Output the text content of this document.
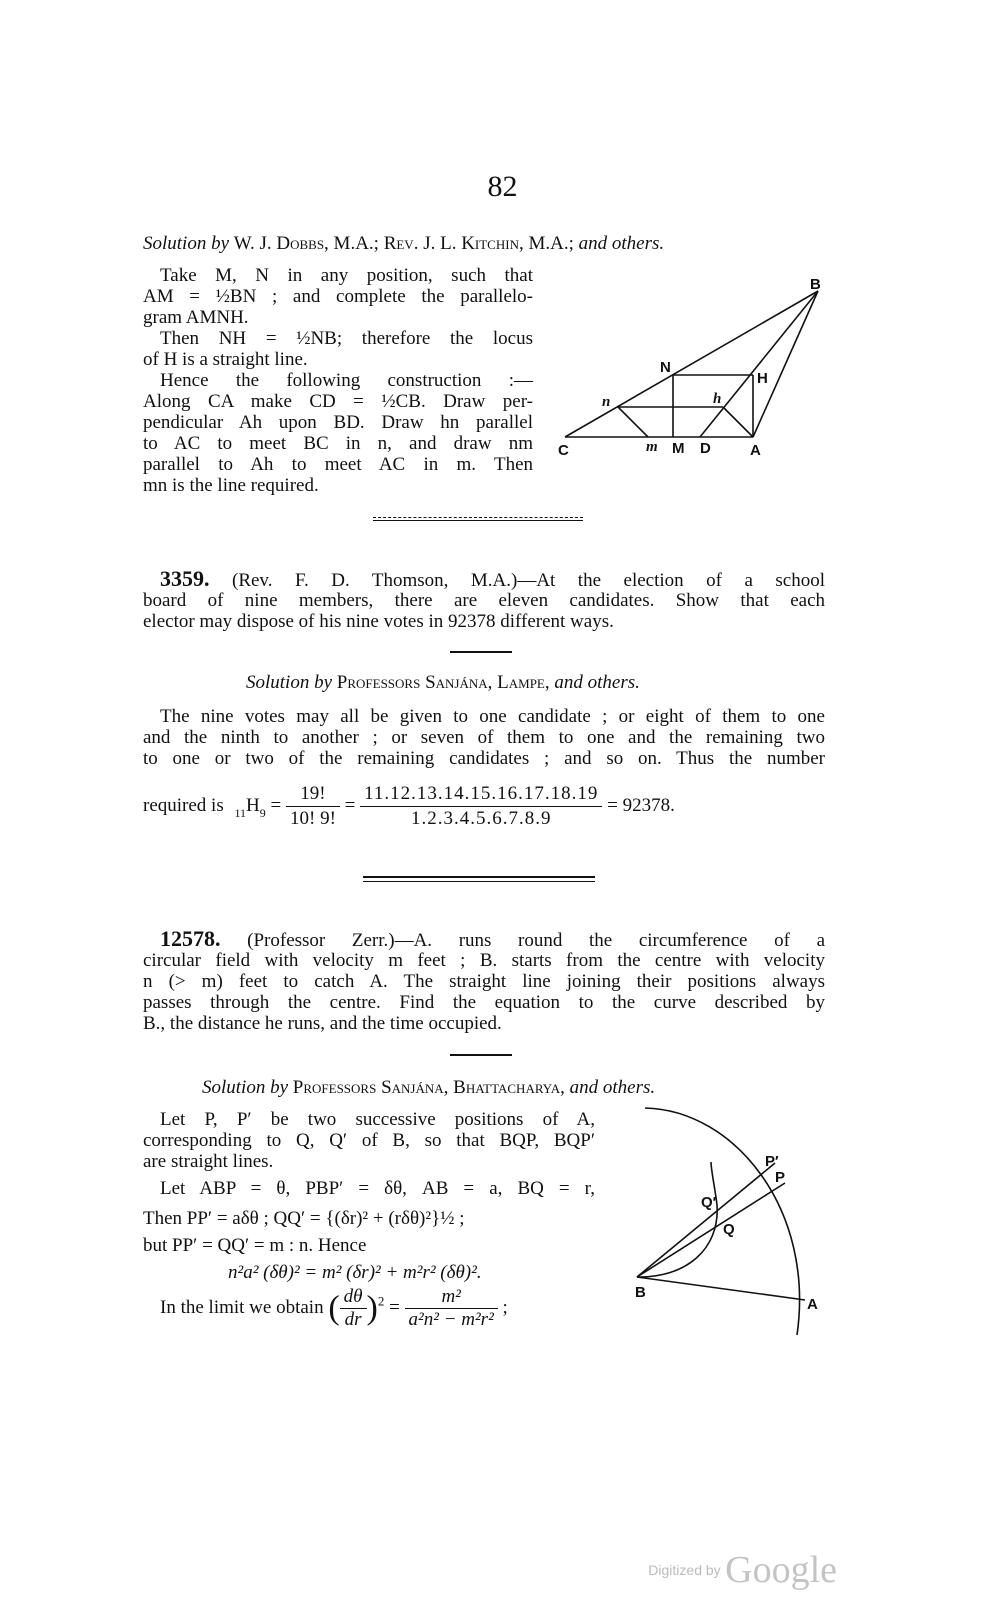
82
Solution by W. J. Dobbs, M.A.; Rev. J. L. Kitchin, M.A.; and others.
Take M, N in any position, such that
AM = ½BN ; and complete the parallelo-
gram AMNH.
Then NH = ½NB; therefore the locus
of H is a straight line.
Hence the following construction :—
Along CA make CD = ½CB. Draw per-
pendicular Ah upon BD. Draw hn parallel
to AC to meet BC in n, and draw nm
parallel to Ah to meet AC in m. Then
mn is the line required.
B
N
H
n	h
C	m M D	A
3359. (Rev. F. D. Thomson, M.A.)—At the election of a school
board of nine members, there are eleven candidates. Show that each
elector may dispose of his nine votes in 92378 different ways.
Solution by Professors Sanjána, Lampe, and others.
The nine votes may all be given to one candidate ; or eight of them to one
and the ninth to another ; or seven of them to one and the remaining two
to one or two of the remaining candidates ; and so on. Thus the number
required is $_{11}H_9 = \frac{19!}{10! 9!} = \frac{11.12.13.14.15.16.17.18.19}{1.2.3.4.5.6.7.8.9} = 92378$.
12578. (Professor Zerr.)—A. runs round the circumference of a
circular field with velocity m feet ; B. starts from the centre with velocity
n (> m) feet to catch A. The straight line joining their positions always
passes through the centre. Find the equation to the curve described by
B., the distance he runs, and the time occupied.
Solution by Professors Sanjána, Bhattacharya, and others.
Let P, P′ be two successive positions of A,
corresponding to Q, Q′ of B, so that BQP, BQP′
are straight lines.
Let ABP = θ, PBP′ = δθ, AB = a, BQ = r,
Then PP′ = aδθ ; QQ′ = {(δr)² + (rδθ)²}½ ;
but PP′ = QQ′ = m : n. Hence
n²a² (δθ)² = m² (δr)² + m²r² (δθ)².
In the limit we obtain ( $\frac{d\theta}{dr} )^2 = \frac{\text{m²}}{\text{a²n² − m²r²}}$ ;
P′
P
Q′
Q
B
A
Digitized by Google
